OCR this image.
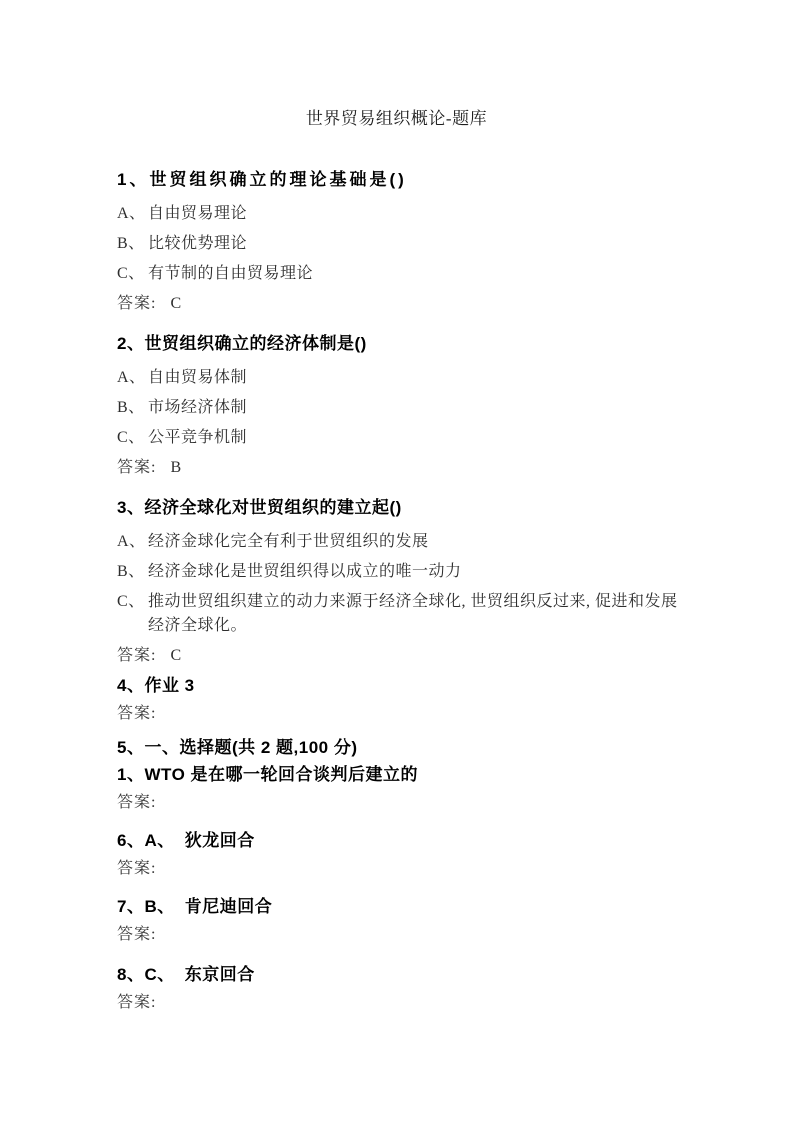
世界贸易组织概论-题库
1、世贸组织确立的理论基础是()

A、 自由贸易理论

B、 比较优势理论

C、 有节制的自由贸易理论

答案: C

2、世贸组织确立的经济体制是()

A、 自由贸易体制

B、 市场经济体制

C、 公平竞争机制

答案: B

3、经济全球化对世贸组织的建立起()

A、 经济金球化完全有利于世贸组织的发展

B、 经济金球化是世贸组织得以成立的唯一动力

C、 推动世贸组织建立的动力来源于经济全球化, 世贸组织反过来, 促进和发展经济全球化。

答案: C

4、作业 3

答案:

5、一、选择题(共 2 题,100 分)
1、WTO 是在哪一轮回合谈判后建立的

答案:

6、A、 狄龙回合

答案:

7、B、 肯尼迪回合

答案:

8、C、 东京回合

答案:
